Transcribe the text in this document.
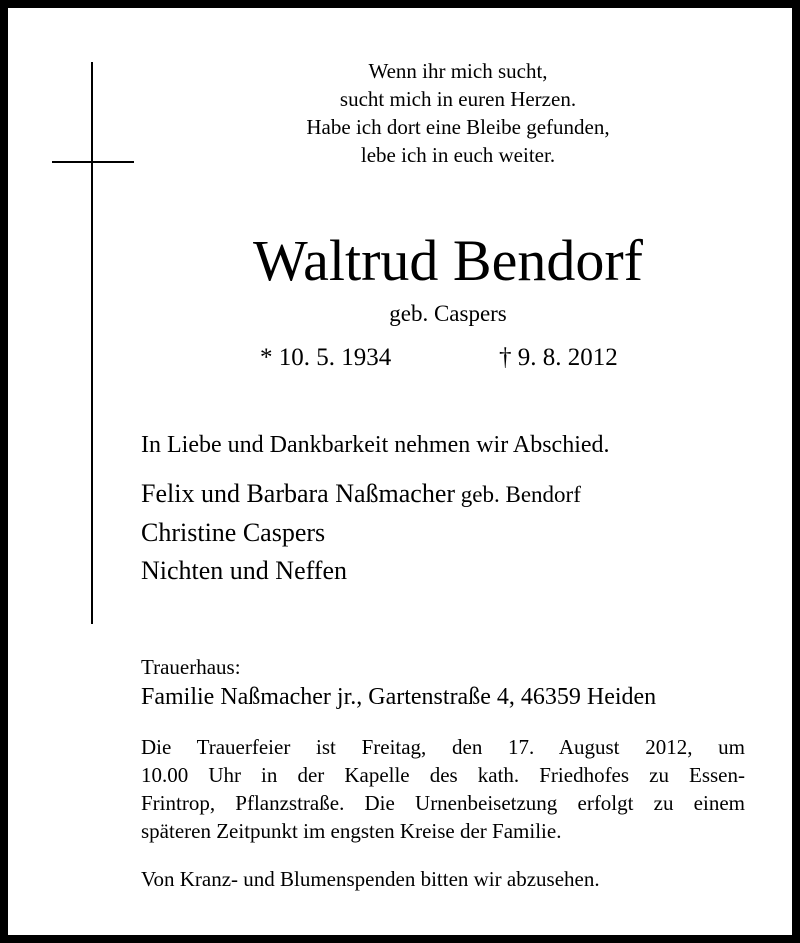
Wenn ihr mich sucht,
sucht mich in euren Herzen.
Habe ich dort eine Bleibe gefunden,
lebe ich in euch weiter.
Waltrud Bendorf
geb. Caspers
* 10. 5. 1934	† 9. 8. 2012
In Liebe und Dankbarkeit nehmen wir Abschied.
Felix und Barbara Naßmacher geb. Bendorf
Christine Caspers
Nichten und Neffen
Trauerhaus:
Familie Naßmacher jr., Gartenstraße 4, 46359 Heiden
Die Trauerfeier ist Freitag, den 17. August 2012, um
10.00 Uhr in der Kapelle des kath. Friedhofes zu Essen-
Frintrop, Pflanzstraße. Die Urnenbeisetzung erfolgt zu einem
späteren Zeitpunkt im engsten Kreise der Familie.
Von Kranz- und Blumenspenden bitten wir abzusehen.
